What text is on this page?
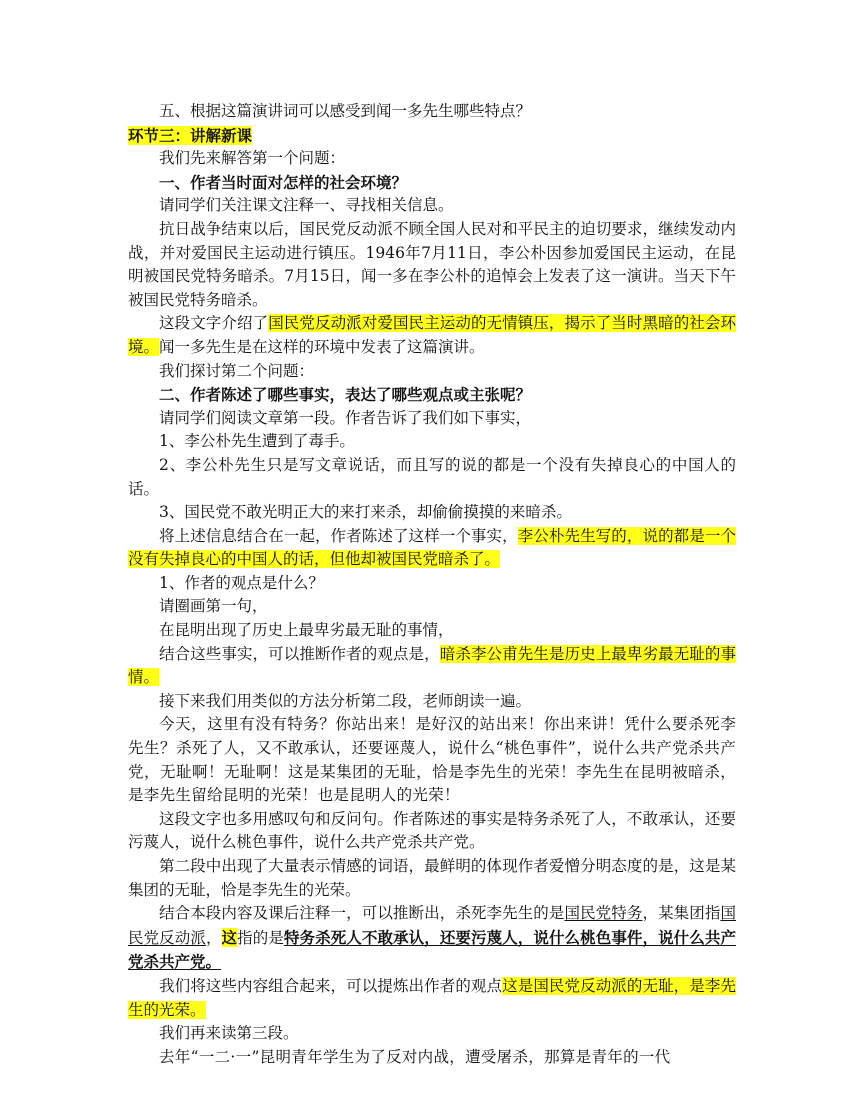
五、根据这篇演讲词可以感受到闻一多先生哪些特点？

环节三：讲解新课

我们先来解答第一个问题：

一、作者当时面对怎样的社会环境？

请同学们关注课文注释一、寻找相关信息。

抗日战争结束以后，国民党反动派不顾全国人民对和平民主的迫切要求，继续发动内战，并对爱国民主运动进行镇压。1946年7月11日，李公朴因参加爱国民主运动，在昆明被国民党特务暗杀。7月15日，闻一多在李公朴的追悼会上发表了这一演讲。当天下午被国民党特务暗杀。

这段文字介绍了国民党反动派对爱国民主运动的无情镇压，揭示了当时黑暗的社会环境。闻一多先生是在这样的环境中发表了这篇演讲。

我们探讨第二个问题：

二、作者陈述了哪些事实，表达了哪些观点或主张呢？

请同学们阅读文章第一段。作者告诉了我们如下事实，

1、李公朴先生遭到了毒手。

2、李公朴先生只是写文章说话，而且写的说的都是一个没有失掉良心的中国人的话。

3、国民党不敢光明正大的来打来杀，却偷偷摸摸的来暗杀。

将上述信息结合在一起，作者陈述了这样一个事实，李公朴先生写的，说的都是一个没有失掉良心的中国人的话，但他却被国民党暗杀了。

1、作者的观点是什么？

请圈画第一句，

在昆明出现了历史上最卑劣最无耻的事情，

结合这些事实，可以推断作者的观点是，暗杀李公甫先生是历史上最卑劣最无耻的事情。

接下来我们用类似的方法分析第二段，老师朗读一遍。

今天，这里有没有特务？你站出来！是好汉的站出来！你出来讲！凭什么要杀死李先生？杀死了人，又不敢承认，还要诬蔑人，说什么“桃色事件”，说什么共产党杀共产党，无耻啊！无耻啊！这是某集团的无耻，恰是李先生的光荣！李先生在昆明被暗杀，是李先生留给昆明的光荣！也是昆明人的光荣！

这段文字也多用感叹句和反问句。作者陈述的事实是特务杀死了人，不敢承认，还要污蔑人，说什么桃色事件，说什么共产党杀共产党。

第二段中出现了大量表示情感的词语，最鲜明的体现作者爱憎分明态度的是，这是某集团的无耻，恰是李先生的光荣。

结合本段内容及课后注释一，可以推断出，杀死李先生的是国民党特务，某集团指国民党反动派，这指的是特务杀死人不敢承认，还要污蔑人，说什么桃色事件，说什么共产党杀共产党。

我们将这些内容组合起来，可以提炼出作者的观点这是国民党反动派的无耻，是李先生的光荣。

我们再来读第三段。

去年“一二·一”昆明青年学生为了反对内战，遭受屠杀，那算是青年的一代
